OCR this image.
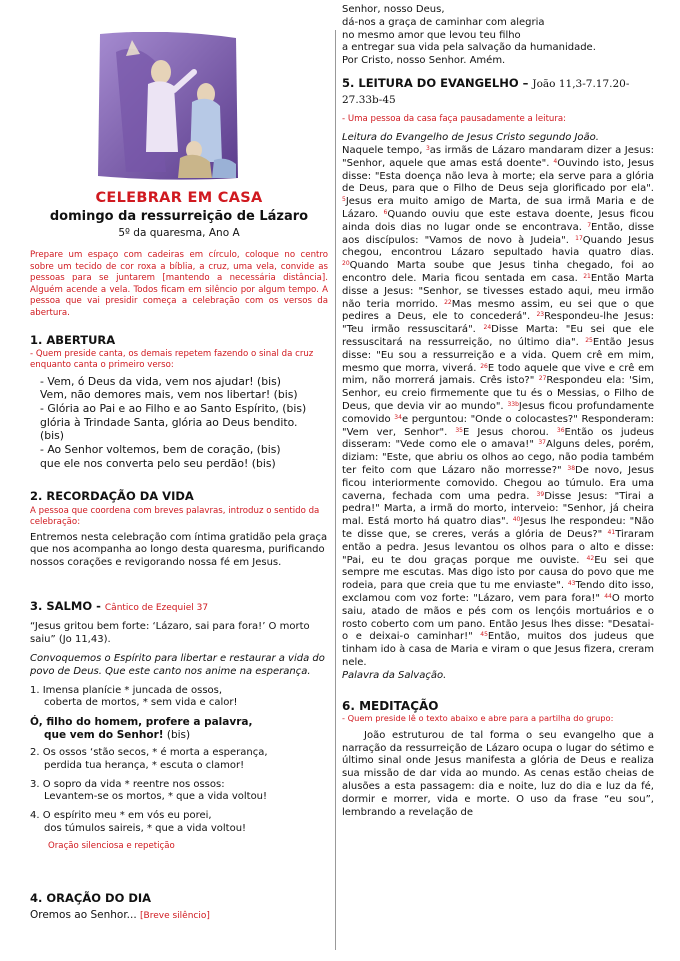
CELEBRAR EM CASA
domingo da ressurreição de Lázaro
5º da quaresma, Ano A
Prepare um espaço com cadeiras em círculo, coloque no centro sobre um tecido de cor roxa a bíblia, a cruz, uma vela, convide as pessoas para se juntarem [mantendo a necessária distância]. Alguém acende a vela. Todos ficam em silêncio por algum tempo. A pessoa que vai presidir começa a celebração com os versos da abertura.
1. ABERTURA
- Quem preside canta, os demais repetem fazendo o sinal da cruz enquanto canta o primeiro verso:
- Vem, ó Deus da vida, vem nos ajudar! (bis)
Vem, não demores mais, vem nos libertar! (bis)
- Glória ao Pai e ao Filho e ao Santo Espírito, (bis)
glória à Trindade Santa, glória ao Deus bendito.
(bis)
- Ao Senhor voltemos, bem de coração, (bis)
que ele nos converta pelo seu perdão! (bis)
2. RECORDAÇÃO DA VIDA
A pessoa que coordena com breves palavras, introduz o sentido da celebração:
Entremos nesta celebração com íntima gratidão pela graça que nos acompanha ao longo desta quaresma, purificando nossos corações e revigorando nossa fé em Jesus.
3. SALMO - Cântico de Ezequiel 37
“Jesus gritou bem forte: ‘Lázaro, sai para fora!’ O morto saiu” (Jo 11,43).
Convoquemos o Espírito para libertar e restaurar a vida do povo de Deus. Que este canto nos anime na esperança.
1. Imensa planície * juncada de ossos,
coberta de mortos, * sem vida e calor!
Ó, filho do homem, profere a palavra,
que vem do Senhor! (bis)
2. Os ossos ‘stão secos, * é morta a esperança,
perdida tua herança, * escuta o clamor!
3. O sopro da vida * reentre nos ossos:
Levantem-se os mortos, * que a vida voltou!
4. O espírito meu * em vós eu porei,
dos túmulos saireis, * que a vida voltou!
Oração silenciosa e repetição
4. ORAÇÃO DO DIA
Oremos ao Senhor... [Breve silêncio]
Senhor, nosso Deus,
dá-nos a graça de caminhar com alegria
no mesmo amor que levou teu filho
a entregar sua vida pela salvação da humanidade.
Por Cristo, nosso Senhor. Amém.
5. LEITURA DO EVANGELHO – João 11,3-7.17.20-27.33b-45
- Uma pessoa da casa faça pausadamente a leitura:
Leitura do Evangelho de Jesus Cristo segundo João.
Naquele tempo, $^3$as irmãs de Lázaro mandaram dizer a Jesus: "Senhor, aquele que amas está doente". $^4$Ouvindo isto, Jesus disse: "Esta doença não leva à morte; ela serve para a glória de Deus, para que o Filho de Deus seja glorificado por ela". $^5$Jesus era muito amigo de Marta, de sua irmã Maria e de Lázaro. $^6$Quando ouviu que este estava doente, Jesus ficou ainda dois dias no lugar onde se encontrava. $^7$Então, disse aos discípulos: "Vamos de novo à Judeia". $^{17}$Quando Jesus chegou, encontrou Lázaro sepultado havia quatro dias. $^{20}$Quando Marta soube que Jesus tinha chegado, foi ao encontro dele. Maria ficou sentada em casa. $^{21}$Então Marta disse a Jesus: "Senhor, se tivesses estado aqui, meu irmão não teria morrido. $^{22}$Mas mesmo assim, eu sei que o que pedires a Deus, ele to concederá". $^{23}$Respondeu-lhe Jesus: "Teu irmão ressuscitará". $^{24}$Disse Marta: "Eu sei que ele ressuscitará na ressurreição, no último dia". $^{25}$Então Jesus disse: "Eu sou a ressurreição e a vida. Quem crê em mim, mesmo que morra, viverá. $^{26}$E todo aquele que vive e crê em mim, não morrerá jamais. Crês isto?" $^{27}$Respondeu ela: 'Sim, Senhor, eu creio firmemente que tu és o Messias, o Filho de Deus, que devia vir ao mundo". $^{33b}$Jesus ficou profundamente comovido $^{34}$e perguntou: "Onde o colocastes?" Responderam: "Vem ver, Senhor". $^{35}$E Jesus chorou. $^{36}$Então os judeus disseram: "Vede como ele o amava!" $^{37}$Alguns deles, porém, diziam: "Este, que abriu os olhos ao cego, não podia também ter feito com que Lázaro não morresse?" $^{38}$De novo, Jesus ficou interiormente comovido. Chegou ao túmulo. Era uma caverna, fechada com uma pedra. $^{39}$Disse Jesus: "Tirai a pedra!" Marta, a irmã do morto, interveio: "Senhor, já cheira mal. Está morto há quatro dias". $^{40}$Jesus lhe respondeu: "Não te disse que, se creres, verás a glória de Deus?" $^{41}$Tiraram então a pedra. Jesus levantou os olhos para o alto e disse: "Pai, eu te dou graças porque me ouviste. $^{42}$Eu sei que sempre me escutas. Mas digo isto por causa do povo que me rodeia, para que creia que tu me enviaste". $^{43}$Tendo dito isso, exclamou com voz forte: "Lázaro, vem para fora!" $^{44}$O morto saiu, atado de mãos e pés com os lençóis mortuários e o rosto coberto com um pano. Então Jesus lhes disse: "Desatai-o e deixai-o caminhar!" $^{45}$Então, muitos dos judeus que tinham ido à casa de Maria e viram o que Jesus fizera, creram nele.
Palavra da Salvação.
6. MEDITAÇÃO
- Quem preside lê o texto abaixo e abre para a partilha do grupo:
João estruturou de tal forma o seu evangelho que a narração da ressurreição de Lázaro ocupa o lugar do sétimo e último sinal onde Jesus manifesta a glória de Deus e realiza sua missão de dar vida ao mundo. As cenas estão cheias de alusões a esta passagem: dia e noite, luz do dia e luz da fé, dormir e morrer, vida e morte. O uso da frase “eu sou”, lembrando a revelação de
